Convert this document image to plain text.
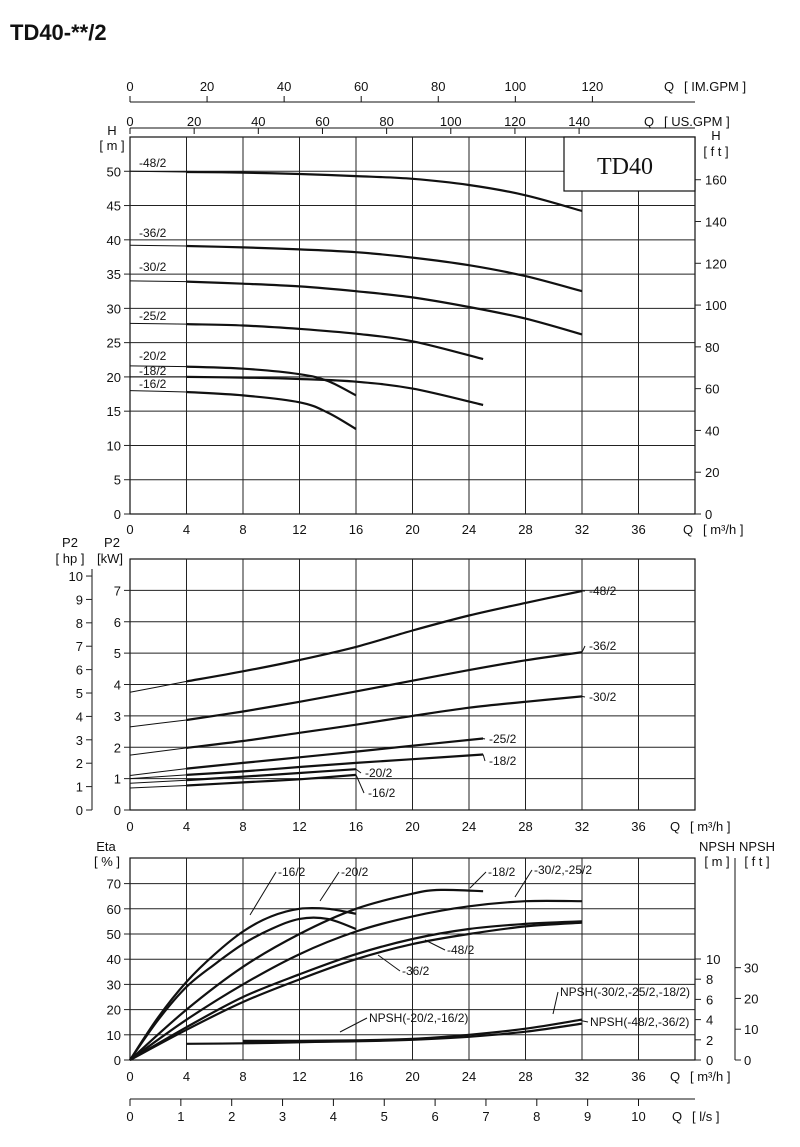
TD40-**/2
0
5
10
15
20
25
30
35
40
45
50
H
[ m ]
0
20
40
60
80
100
120
140
160
H
[ f t ]
0	4	8	12	16	20	24	28	32	36	Q [ m³/h ]
0	20	40	60	80	100	120	140	Q [ US.GPM ]
0	20	40	60	80	100	120	Q [ IM.GPM ]
0
1
2
3
4
5
6
7
0
1
2
3
4
5
6
7
8
9
10
P2
[kW]
P2
[ hp ]
0	4	8	12	16	20	24	28	32	36 Q [ m³/h ]
0
10
20
30
40
50
60
70
Eta
[ % ]
0
2
4
6
8
10
NPSH
[ m ]
0
10
20
30
NPSH
[ f t ]
0	4	8	12	16	20	24	28	32	36 Q [ m³/h ]
0	1	2	3	4	5	6	7	8	9	10 Q [ l/s ]
TD40
-48/2
-36/2
-30/2
-25/2
-20/2
-18/2
-16/2
-48/2
-36/2
-30/2
-25/2
-18/2
-20/2
-16/2
-16/2	-20/2	-18/2 -30/2,-25/2
-48/2
-36/2
NPSH(-20/2,-16/2)
NPSH(-30/2,-25/2,-18/2)
NPSH(-48/2,-36/2)
